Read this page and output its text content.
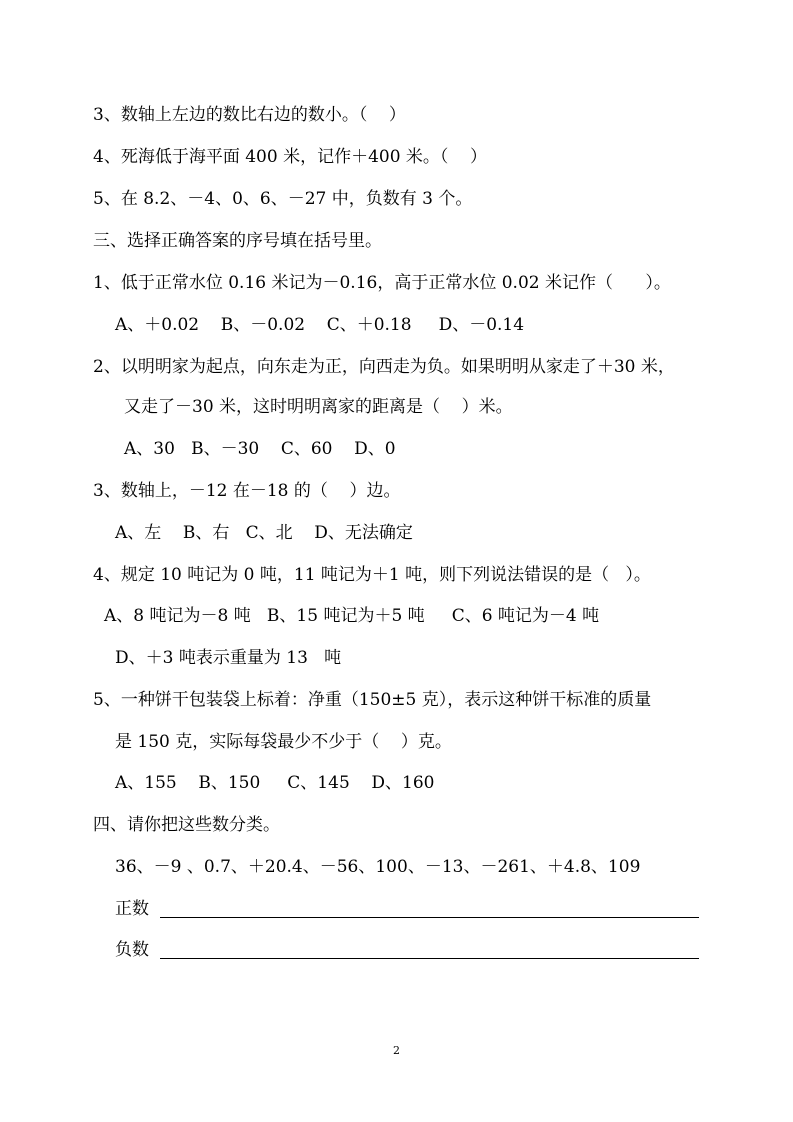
3、数轴上左边的数比右边的数小。（    ）
4、死海低于海平面 400 米，记作＋400 米。（    ）
5、在 8.2、－4、0、6、－27 中，负数有 3 个。
三、选择正确答案的序号填在括号里。
1、低于正常水位 0.16 米记为－0.16，高于正常水位 0.02 米记作（      ）。
A、＋0.02    B、－0.02    C、＋0.18     D、－0.14
2、以明明家为起点，向东走为正，向西走为负。如果明明从家走了＋30 米，
又走了－30 米，这时明明离家的距离是（    ）米。
A、30   B、－30    C、60    D、0
3、数轴上，－12 在－18 的（    ）边。
A、左    B、右   C、北    D、无法确定
4、规定 10 吨记为 0 吨，11 吨记为＋1 吨，则下列说法错误的是（   ）。
A、8 吨记为－8 吨   B、15 吨记为＋5 吨     C、6 吨记为－4 吨
D、＋3 吨表示重量为 13   吨
5、一种饼干包装袋上标着：净重（150±5 克），表示这种饼干标准的质量
是 150 克，实际每袋最少不少于（    ）克。
A、155    B、150     C、145    D、160
四、请你把这些数分类。
36、－9 、0.7、＋20.4、－56、100、－13、－261、＋4.8、109
正数
负数
2
